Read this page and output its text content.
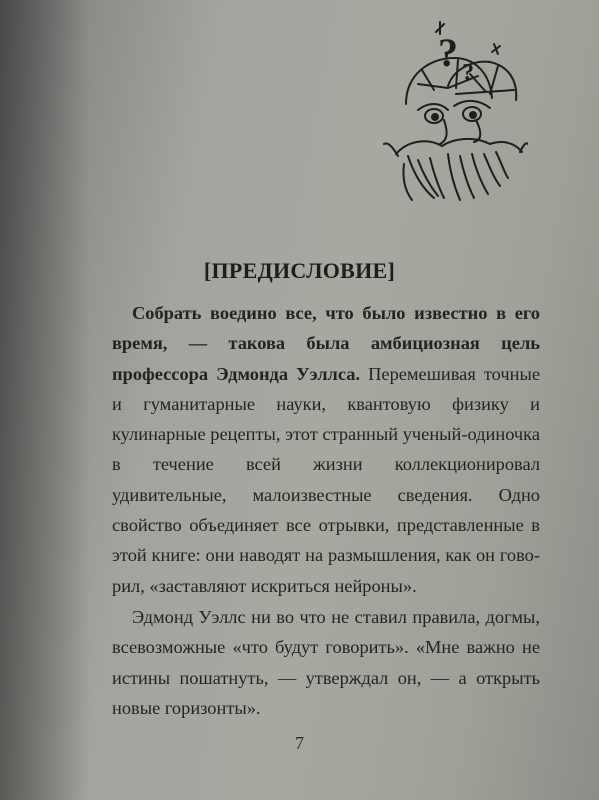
? ?
[ПРЕДИСЛОВИЕ]

Собрать воедино все, что было известно в его время, — такова была амбициозная цель профессора Эдмонда Уэллса. Перемешивая точные и гуманитарные науки, квантовую физику и кулинарные рецепты, этот странный ученый-одиночка в течение всей жизни коллекционировал удивительные, малоизвестные сведения. Одно свойство объединяет все отрывки, представленные в этой книге: они наводят на размышления, как он говорил, «заставляют искриться нейроны».

Эдмонд Уэллс ни во что не ставил правила, догмы, всевозможные «что будут говорить». «Мне важно не истины пошатнуть, — утверждал он, — а открыть новые горизонты».

7
